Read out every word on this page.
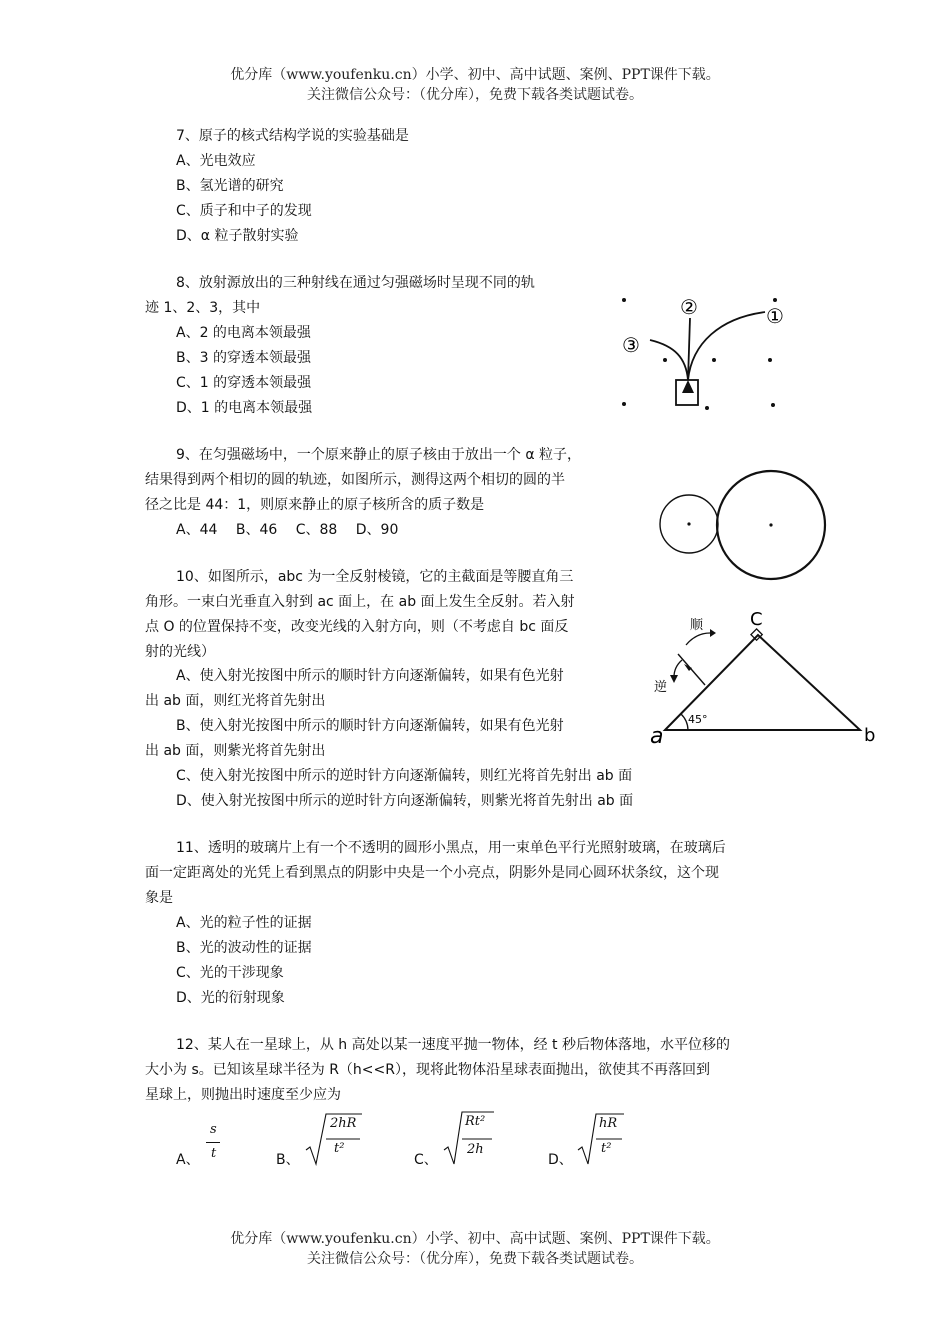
优分库（www.youfenku.cn）小学、初中、高中试题、案例、PPT课件下载。
关注微信公众号：（优分库），免费下载各类试题试卷。
7、原子的核式结构学说的实验基础是
A、光电效应
B、氢光谱的研究
C、质子和中子的发现
D、α 粒子散射实验
8、放射源放出的三种射线在通过匀强磁场时呈现不同的轨
迹 1、2、3，其中
A、2 的电离本领最强
B、3 的穿透本领最强
C、1 的穿透本领最强
D、1 的电离本领最强
②	①
③
9、在匀强磁场中，一个原来静止的原子核由于放出一个 α 粒子，
结果得到两个相切的圆的轨迹，如图所示，测得这两个相切的圆的半
径之比是 44：1，则原来静止的原子核所含的质子数是
A、44　 B、46　 C、88　 D、90
10、如图所示，abc 为一全反射棱镜，它的主截面是等腰直角三
角形。一束白光垂直入射到 ac 面上，在 ab 面上发生全反射。若入射
点 O 的位置保持不变，改变光线的入射方向，则（不考虑自 bc 面反
射的光线）
A、使入射光按图中所示的顺时针方向逐渐偏转，如果有色光射
出 ab 面，则红光将首先射出
B、使入射光按图中所示的顺时针方向逐渐偏转，如果有色光射
出 ab 面，则紫光将首先射出
C、使入射光按图中所示的逆时针方向逐渐偏转，则红光将首先射出 ab 面
D、使入射光按图中所示的逆时针方向逐渐偏转，则紫光将首先射出 ab 面
45°
C
a	b
顺
逆
11、透明的玻璃片上有一个不透明的圆形小黑点，用一束单色平行光照射玻璃，在玻璃后
面一定距离处的光凭上看到黑点的阴影中央是一个小亮点，阴影外是同心圆环状条纹，这个现
象是
A、光的粒子性的证据
B、光的波动性的证据
C、光的干涉现象
D、光的衍射现象
12、某人在一星球上，从 h 高处以某一速度平抛一物体，经 t 秒后物体落地，水平位移的
大小为 s。已知该星球半径为 R（h<<R），现将此物体沿星球表面抛出，欲使其不再落回到
星球上，则抛出时速度至少应为
A、	B、	C、	D、
s
t
2hR
t²
Rt²
2h
hR
t²
优分库（www.youfenku.cn）小学、初中、高中试题、案例、PPT课件下载。
关注微信公众号：（优分库），免费下载各类试题试卷。
